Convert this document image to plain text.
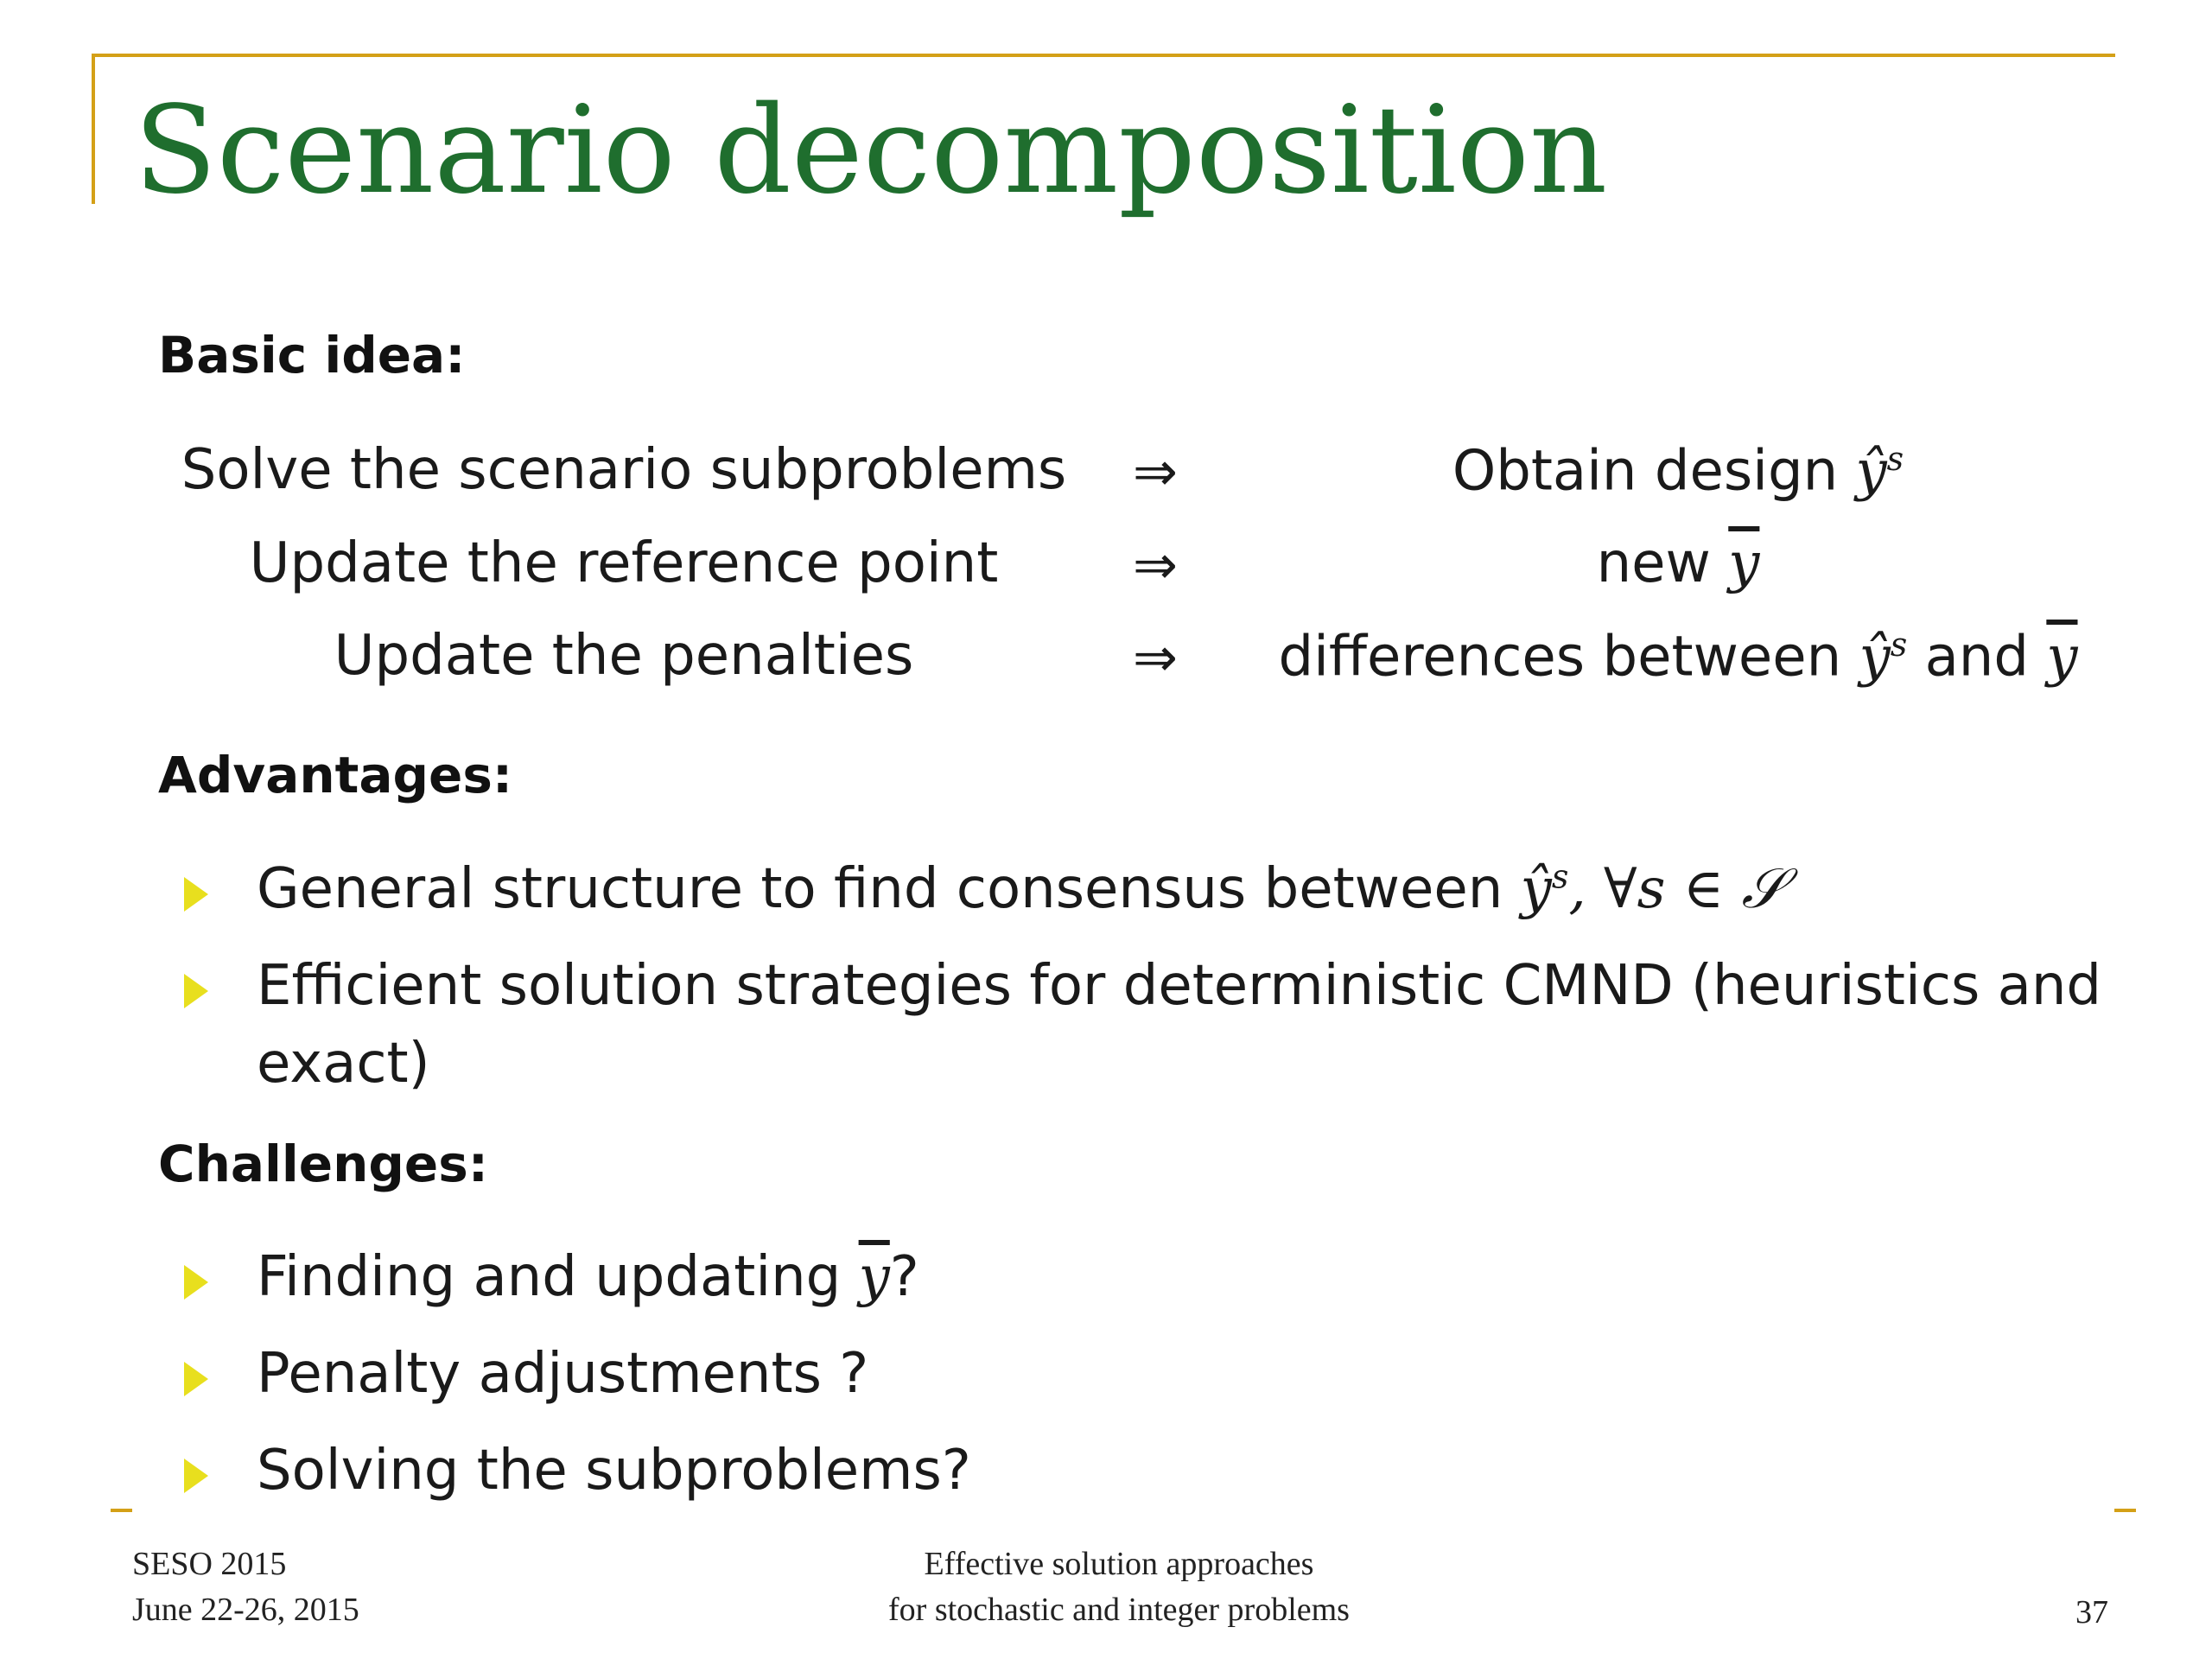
Scenario decomposition
Basic idea:
Solve the scenario subproblems ⇒	Obtain design $ŷ^s$
Update the reference point	⇒	new $\overline{y}$
Update the penalties	⇒ differences between $ŷ^s$ and $\overline{y}$
Advantages:
General structure to find consensus between $ŷ^s$, ∀s ∈ 𝒮
Efficient solution strategies for deterministic CMND (heuristics and
exact)
Challenges:
Finding and updating $\overline{y}$?
Penalty adjustments ?
Solving the subproblems?
SESO 2015
June 22-26, 2015
Effective solution approaches
for stochastic and integer problems	37
